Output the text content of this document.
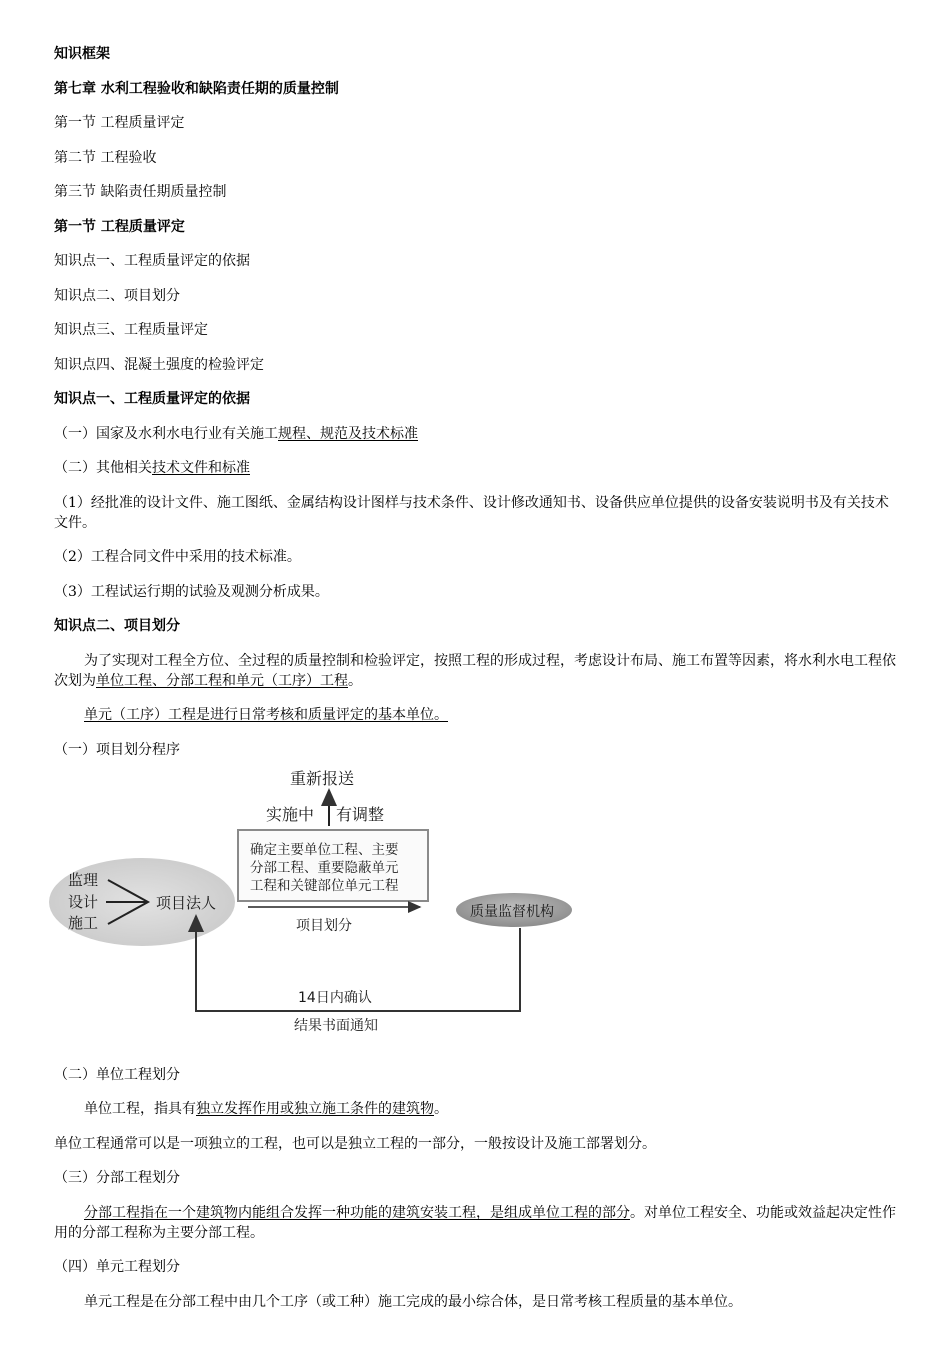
知识框架

第七章 水利工程验收和缺陷责任期的质量控制

第一节 工程质量评定

第二节 工程验收

第三节 缺陷责任期质量控制

第一节 工程质量评定

知识点一、工程质量评定的依据

知识点二、项目划分

知识点三、工程质量评定

知识点四、混凝土强度的检验评定

知识点一、工程质量评定的依据

（一）国家及水利水电行业有关施工规程、规范及技术标准

（二）其他相关技术文件和标准

（1）经批准的设计文件、施工图纸、金属结构设计图样与技术条件、设计修改通知书、设备供应单位提供的设备安装说明书及有关技术文件。

（2）工程合同文件中采用的技术标准。

（3）工程试运行期的试验及观测分析成果。

知识点二、项目划分

为了实现对工程全方位、全过程的质量控制和检验评定，按照工程的形成过程，考虑设计布局、施工布置等因素，将水利水电工程依次划为单位工程、分部工程和单元（工序）工程。

单元（工序）工程是进行日常考核和质量评定的基本单位。

（一）项目划分程序

监理
设计
施工
项目法人
重新报送
实施中 有调整
确定主要单位工程、主要
分部工程、重要隐蔽单元
工程和关键部位单元工程
项目划分
质量监督机构
14日内确认
结果书面通知

（二）单位工程划分

单位工程，指具有独立发挥作用或独立施工条件的建筑物。

单位工程通常可以是一项独立的工程，也可以是独立工程的一部分，一般按设计及施工部署划分。

（三）分部工程划分

分部工程指在一个建筑物内能组合发挥一种功能的建筑安装工程，是组成单位工程的部分。对单位工程安全、功能或效益起决定性作用的分部工程称为主要分部工程。

（四）单元工程划分

单元工程是在分部工程中由几个工序（或工种）施工完成的最小综合体，是日常考核工程质量的基本单位。
